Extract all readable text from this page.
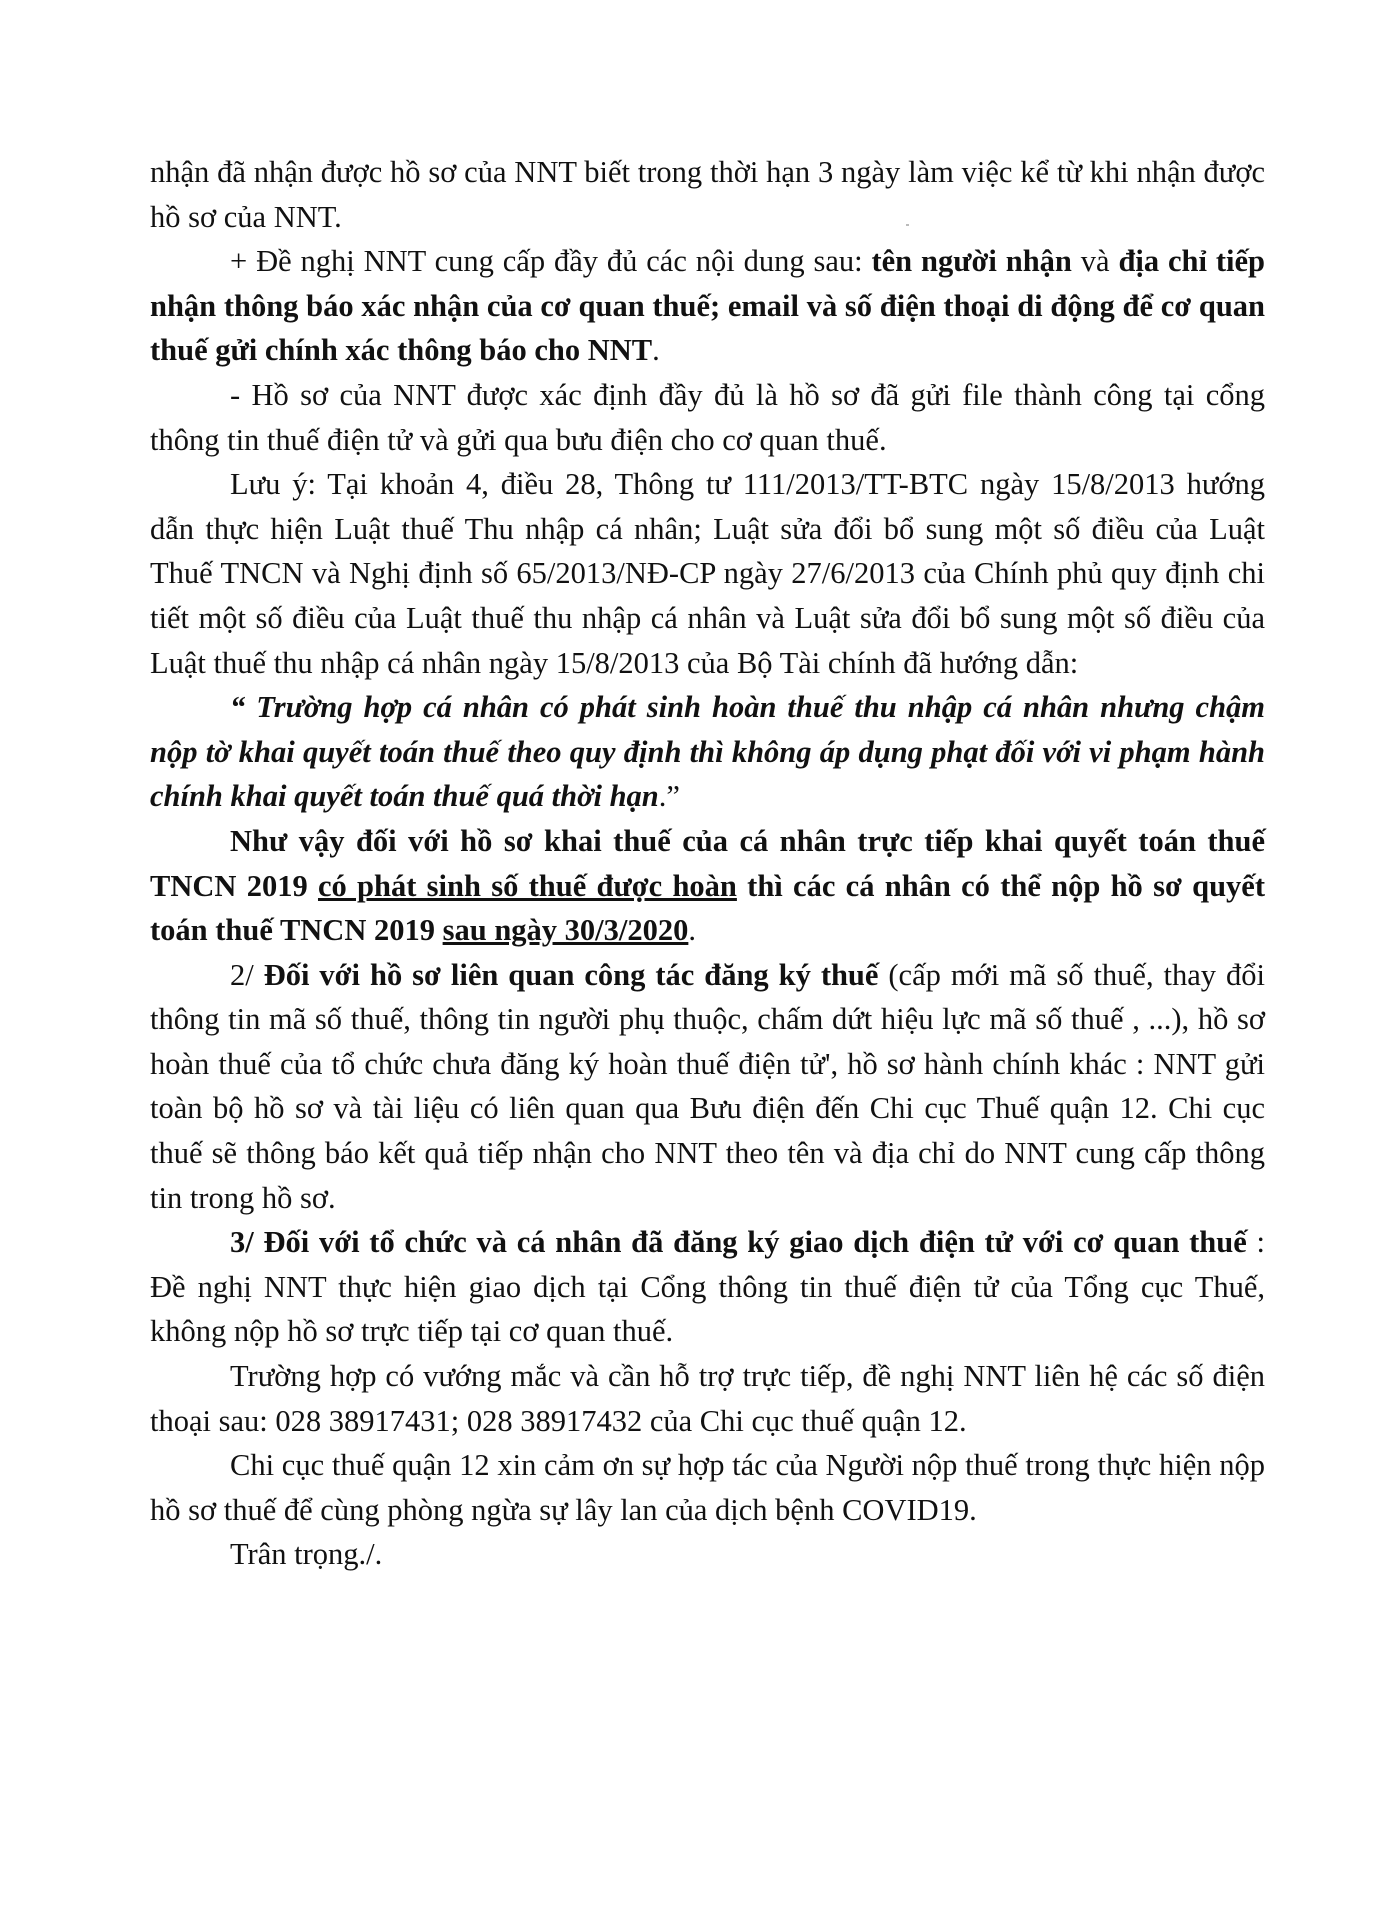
nhận đã nhận được hồ sơ của NNT biết trong thời hạn 3 ngày làm việc kể từ khi nhận được hồ sơ của NNT.

+ Đề nghị NNT cung cấp đầy đủ các nội dung sau: tên người nhận và địa chỉ tiếp nhận thông báo xác nhận của cơ quan thuế; email và số điện thoại di động để cơ quan thuế gửi chính xác thông báo cho NNT.

- Hồ sơ của NNT được xác định đầy đủ là hồ sơ đã gửi file thành công tại cổng thông tin thuế điện tử và gửi qua bưu điện cho cơ quan thuế.

Lưu ý: Tại khoản 4, điều 28, Thông tư 111/2013/TT-BTC ngày 15/8/2013 hướng dẫn thực hiện Luật thuế Thu nhập cá nhân; Luật sửa đổi bổ sung một số điều của Luật Thuế TNCN và Nghị định số 65/2013/NĐ-CP ngày 27/6/2013 của Chính phủ quy định chi tiết một số điều của Luật thuế thu nhập cá nhân và Luật sửa đổi bổ sung một số điều của Luật thuế thu nhập cá nhân ngày 15/8/2013 của Bộ Tài chính đã hướng dẫn:

“ Trường hợp cá nhân có phát sinh hoàn thuế thu nhập cá nhân nhưng chậm nộp tờ khai quyết toán thuế theo quy định thì không áp dụng phạt đối với vi phạm hành chính khai quyết toán thuế quá thời hạn.”

Như vậy đối với hồ sơ khai thuế của cá nhân trực tiếp khai quyết toán thuế TNCN 2019 có phát sinh số thuế được hoàn thì các cá nhân có thể nộp hồ sơ quyết toán thuế TNCN 2019 sau ngày 30/3/2020.

2/ Đối với hồ sơ liên quan công tác đăng ký thuế (cấp mới mã số thuế, thay đổi thông tin mã số thuế, thông tin người phụ thuộc, chấm dứt hiệu lực mã số thuế , ...), hồ sơ hoàn thuế của tổ chức chưa đăng ký hoàn thuế điện tử', hồ sơ hành chính khác : NNT gửi toàn bộ hồ sơ và tài liệu có liên quan qua Bưu điện đến Chi cục Thuế quận 12. Chi cục thuế sẽ thông báo kết quả tiếp nhận cho NNT theo tên và địa chỉ do NNT cung cấp thông tin trong hồ sơ.

3/ Đối với tổ chức và cá nhân đã đăng ký giao dịch điện tử với cơ quan thuế : Đề nghị NNT thực hiện giao dịch tại Cổng thông tin thuế điện tử của Tổng cục Thuế, không nộp hồ sơ trực tiếp tại cơ quan thuế.

Trường hợp có vướng mắc và cần hỗ trợ trực tiếp, đề nghị NNT liên hệ các số điện thoại sau: 028 38917431; 028 38917432 của Chi cục thuế quận 12.

Chi cục thuế quận 12 xin cảm ơn sự hợp tác của Người nộp thuế trong thực hiện nộp hồ sơ thuế để cùng phòng ngừa sự lây lan của dịch bệnh COVID19.

Trân trọng./.
